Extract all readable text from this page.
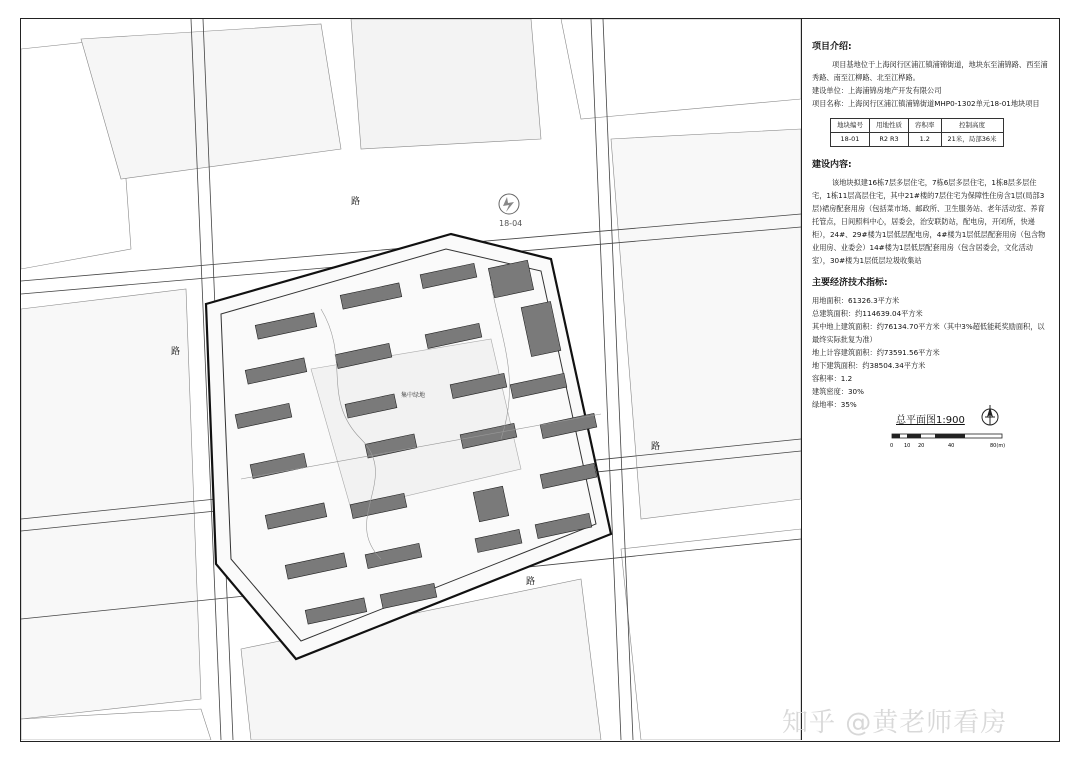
路
路
路
路
18-04
集中绿地
项目介绍:

项目基地位于上海闵行区浦江镇浦锦街道，地块东至浦锦路、西至浦秀路、南至江柳路、北至江桦路。

建设单位：上海浦锦房地产开发有限公司

项目名称：上海闵行区浦江镇浦锦街道MHP0-1302单元18-01地块项目

地块编号	用地性质	容积率	控制高度
18-01	R2 R3	1.2	21米，局部36米
建设内容:

该地块拟建16栋7层多层住宅，7栋6层多层住宅，1栋8层多层住宅，1栋11层高层住宅，其中21#楼的7层住宅为保障性住房含1层(局部3层)裙房配套用房（包括菜市场、邮政所、卫生服务站、老年活动室、养育托管点，日间照料中心，居委会，治安联防站，配电房，开闭所，快递柜），24#、29#楼为1层低层配电房，4#楼为1层低层配套用房（包含物业用房、业委会）14#楼为1层低层配套用房（包含居委会，文化活动室），30#楼为1层低层垃圾收集站

主要经济技术指标:

用地面积：61326.3平方米

总建筑面积：约114639.04平方米

其中地上建筑面积：约76134.70平方米（其中3%超低能耗奖励面积，以最终实际批复为准）

地上计容建筑面积：约73591.56平方米

地下建筑面积：约38504.34平方米

容积率：1.2

建筑密度：30%

绿地率：35%

总平面图1:900
0 10 20	40	80(m)
知乎 @黄老师看房
